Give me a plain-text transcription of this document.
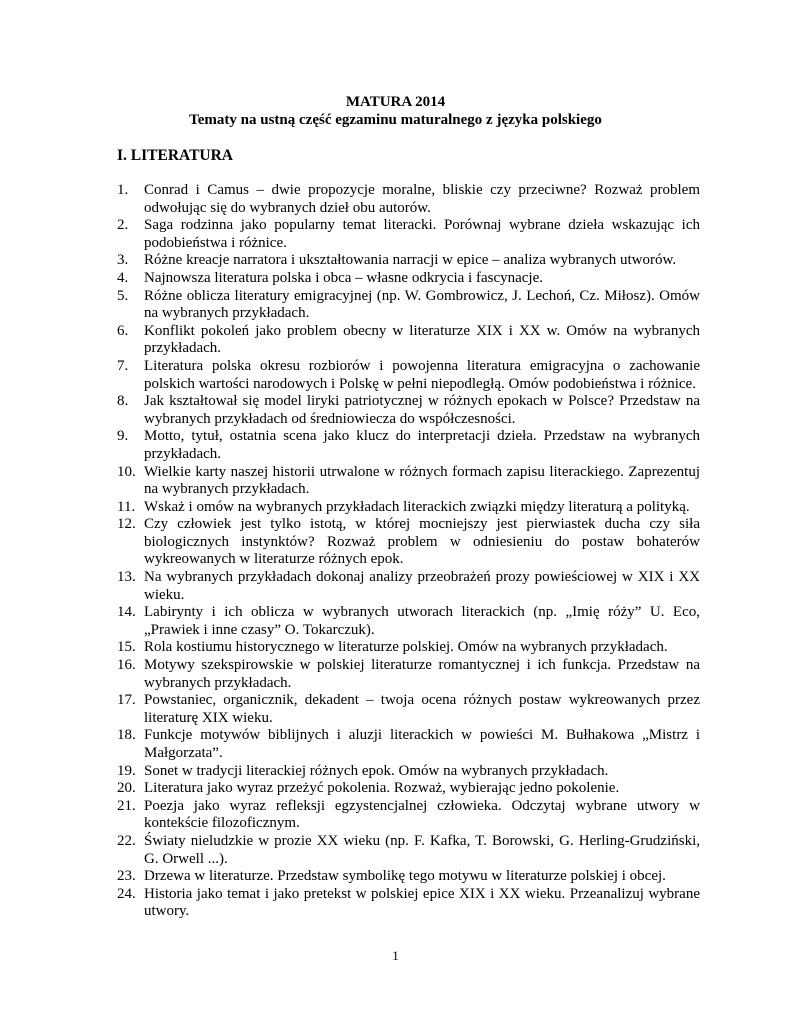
MATURA 2014

Tematy na ustną część egzaminu maturalnego z języka polskiego

I. LITERATURA

1.	Conrad i Camus – dwie propozycje moralne, bliskie czy przeciwne? Rozważ problem odwołując się do wybranych dzieł obu autorów.
2.	Saga rodzinna jako popularny temat literacki. Porównaj wybrane dzieła wskazując ich podobieństwa i różnice.
3.	Różne kreacje narratora i ukształtowania narracji w epice – analiza wybranych utworów.
4.	Najnowsza literatura polska i obca – własne odkrycia i fascynacje.
5.	Różne oblicza literatury emigracyjnej (np. W. Gombrowicz, J. Lechoń, Cz. Miłosz). Omów na wybranych przykładach.
6.	Konflikt pokoleń jako problem obecny w literaturze XIX i XX w. Omów na wybranych przykładach.
7.	Literatura polska okresu rozbiorów i powojenna literatura emigracyjna o zachowanie polskich wartości narodowych i Polskę w pełni niepodległą. Omów podobieństwa i różnice.
8.	Jak kształtował się model liryki patriotycznej w różnych epokach w Polsce? Przedstaw na wybranych przykładach od średniowiecza do współczesności.
9.	Motto, tytuł, ostatnia scena jako klucz do interpretacji dzieła. Przedstaw na wybranych przykładach.
10. Wielkie karty naszej historii utrwalone w różnych formach zapisu literackiego. Zaprezentuj na wybranych przykładach.
11. Wskaż i omów na wybranych przykładach literackich związki między literaturą a polityką.
12. Czy człowiek jest tylko istotą, w której mocniejszy jest pierwiastek ducha czy siła biologicznych instynktów? Rozważ problem w odniesieniu do postaw bohaterów wykreowanych w literaturze różnych epok.
13. Na wybranych przykładach dokonaj analizy przeobrażeń prozy powieściowej w XIX i XX wieku.
14. Labirynty i ich oblicza w wybranych utworach literackich (np. „Imię róży” U. Eco, „Prawiek i inne czasy” O. Tokarczuk).
15. Rola kostiumu historycznego w literaturze polskiej. Omów na wybranych przykładach.
16. Motywy szekspirowskie w polskiej literaturze romantycznej i ich funkcja. Przedstaw na wybranych przykładach.
17. Powstaniec, organicznik, dekadent – twoja ocena różnych postaw wykreowanych przez literaturę XIX wieku.
18. Funkcje motywów biblijnych i aluzji literackich w powieści M. Bułhakowa „Mistrz i Małgorzata”.
19. Sonet w tradycji literackiej różnych epok. Omów na wybranych przykładach.
20. Literatura jako wyraz przeżyć pokolenia. Rozważ, wybierając jedno pokolenie.
21. Poezja jako wyraz refleksji egzystencjalnej człowieka. Odczytaj wybrane utwory w kontekście filozoficznym.
22. Światy nieludzkie w prozie XX wieku (np. F. Kafka, T. Borowski, G. Herling-Grudziński, G. Orwell ...).
23. Drzewa w literaturze. Przedstaw symbolikę tego motywu w literaturze polskiej i obcej.
24. Historia jako temat i jako pretekst w polskiej epice XIX i XX wieku. Przeanalizuj wybrane utwory.
1
